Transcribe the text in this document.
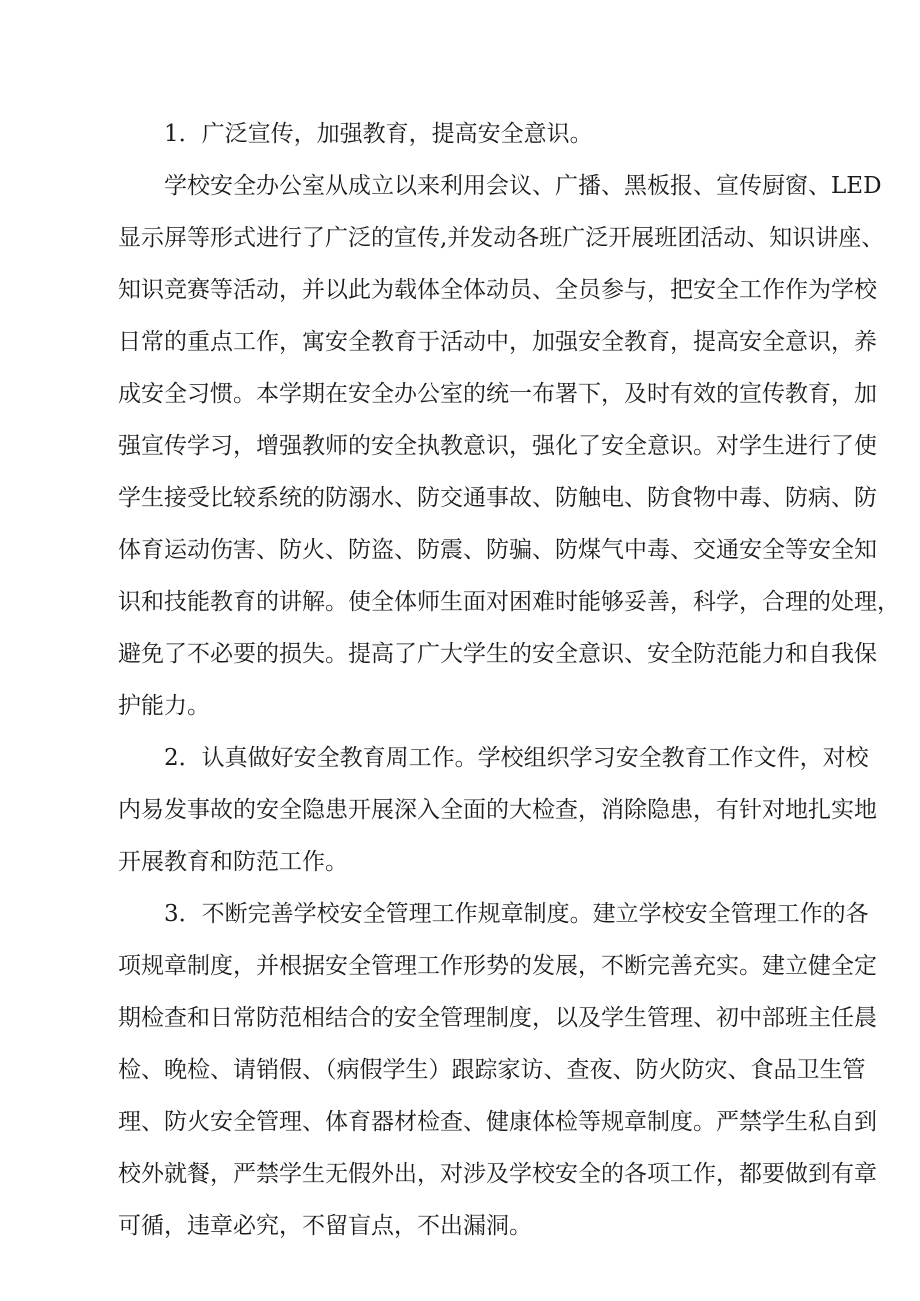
1．广泛宣传，加强教育，提高安全意识。
学校安全办公室从成立以来利用会议、广播、黑板报、宣传厨窗、LED
显示屏等形式进行了广泛的宣传,并发动各班广泛开展班团活动、知识讲座、
知识竞赛等活动，并以此为载体全体动员、全员参与，把安全工作作为学校
日常的重点工作，寓安全教育于活动中，加强安全教育，提高安全意识，养
成安全习惯。本学期在安全办公室的统一布署下，及时有效的宣传教育，加
强宣传学习，增强教师的安全执教意识，强化了安全意识。对学生进行了使
学生接受比较系统的防溺水、防交通事故、防触电、防食物中毒、防病、防
体育运动伤害、防火、防盗、防震、防骗、防煤气中毒、交通安全等安全知
识和技能教育的讲解。使全体师生面对困难时能够妥善，科学，合理的处理，
避免了不必要的损失。提高了广大学生的安全意识、安全防范能力和自我保
护能力。
2．认真做好安全教育周工作。学校组织学习安全教育工作文件，对校
内易发事故的安全隐患开展深入全面的大检查，消除隐患，有针对地扎实地
开展教育和防范工作。
3．不断完善学校安全管理工作规章制度。建立学校安全管理工作的各
项规章制度，并根据安全管理工作形势的发展，不断完善充实。建立健全定
期检查和日常防范相结合的安全管理制度，以及学生管理、初中部班主任晨
检、晚检、请销假、（病假学生）跟踪家访、查夜、防火防灾、食品卫生管
理、防火安全管理、体育器材检查、健康体检等规章制度。严禁学生私自到
校外就餐，严禁学生无假外出，对涉及学校安全的各项工作，都要做到有章
可循，违章必究，不留盲点，不出漏洞。
